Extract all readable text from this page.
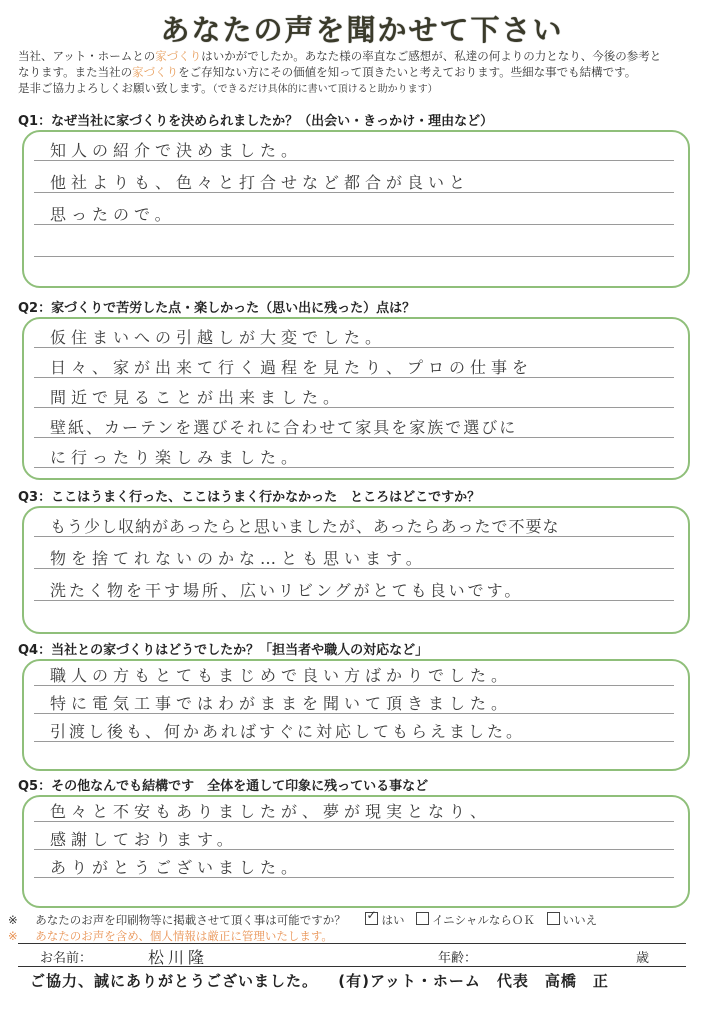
あなたの声を聞かせて下さい
当社、アット・ホームとの家づくりはいかがでしたか。あなた様の率直なご感想が、私達の何よりの力となり、今後の参考と
なります。また当社の家づくりをご存知ない方にその価値を知って頂きたいと考えております。些細な事でも結構です。
是非ご協力よろしくお願い致します。（できるだけ具体的に書いて頂けると助かります）
Q1：なぜ当社に家づくりを決められましたか？（出会い・きっかけ・理由など）
知人の紹介で決めました。
他社よりも、色々と打合せなど都合が良いと
思ったので。
Q2：家づくりで苦労した点・楽しかった（思い出に残った）点は？
仮住まいへの引越しが大変でした。
日々、家が出来て行く過程を見たり、プロの仕事を
間近で見ることが出来ました。
壁紙、カーテンを選びそれに合わせて家具を家族で選びに
に行ったり楽しみました。
Q3：ここはうまく行った、ここはうまく行かなかった　ところはどこですか？
もう少し収納があったらと思いましたが、あったらあったで不要な
物を捨てれないのかな…とも思います。
洗たく物を干す場所、広いリビングがとても良いです。
Q4：当社との家づくりはどうでしたか？「担当者や職人の対応など」
職人の方もとてもまじめで良い方ばかりでした。
特に電気工事ではわがままを聞いて頂きました。
引渡し後も、何かあればすぐに対応してもらえました。
Q5：その他なんでも結構です　全体を通して印象に残っている事など
色々と不安もありましたが、夢が現実となり、
感謝しております。
ありがとうございました。
※ あなたのお声を印刷物等に掲載させて頂く事は可能ですか？ ✓	はい イニシャルならＯＫ いいえ
※ あなたのお声を含め、個人情報は厳正に管理いたします。
お名前：	松川隆	年齢：	歳
ご協力、誠にありがとうございました。 (有)アット・ホーム　代表　高橋　正
